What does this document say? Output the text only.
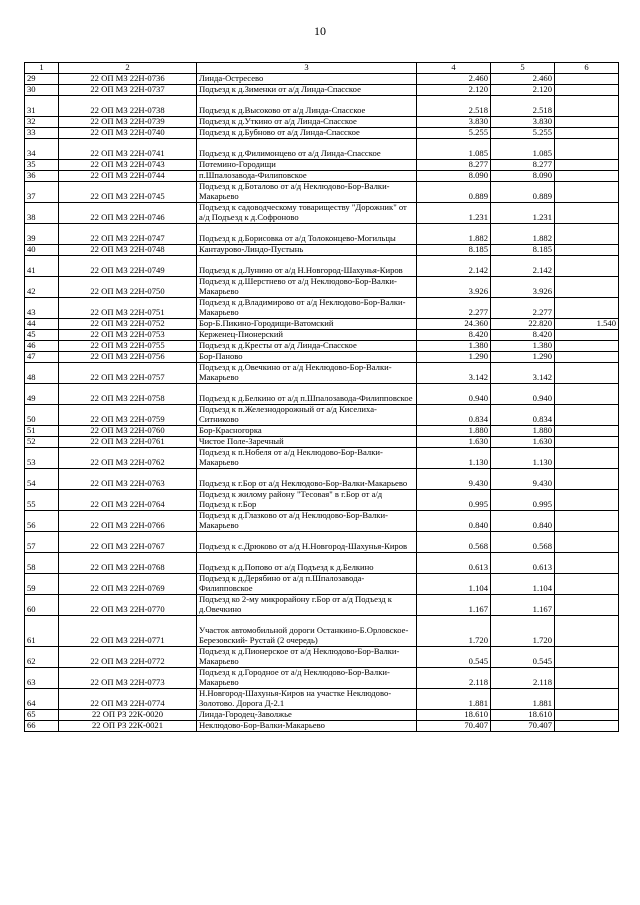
10
1	2	3	4	5	6
29	22 ОП МЗ 22Н-0736	Линда-Остресево	2.460	2.460	
30	22 ОП МЗ 22Н-0737	Подъезд к д.Зименки от а/д Линда-Спасское	2.120	2.120	
31	22 ОП МЗ 22Н-0738	Подъезд к д.Высоково от а/д Линда-Спасское	2.518	2.518	
32	22 ОП МЗ 22Н-0739	Подъезд к д.Уткино от а/д Линда-Спасское	3.830	3.830	
33	22 ОП МЗ 22Н-0740	Подъезд к д.Бубново от а/д Линда-Спасское	5.255	5.255	
34	22 ОП МЗ 22Н-0741	Подъезд к д.Филимонцево от а/д Линда-Спасское	1.085	1.085	
35	22 ОП МЗ 22Н-0743	Потемино-Городищи	8.277	8.277	
36	22 ОП МЗ 22Н-0744	п.Шпалозавода-Филиповское	8.090	8.090	
37	22 ОП МЗ 22Н-0745	Подъезд к д.Боталово от а/д Неклюдово-Бор-Валки-Макарьево	0.889	0.889	
38	22 ОП МЗ 22Н-0746	Подъезд к садоводческому товариществу "Дорожник" от а/д Подъезд к д.Софроново	1.231	1.231	
39	22 ОП МЗ 22Н-0747	Подъезд к д.Борисовка от а/д Толоконцево-Могильцы	1.882	1.882	
40	22 ОП МЗ 22Н-0748	Кантаурово-Линдо-Пустынь	8.185	8.185	
41	22 ОП МЗ 22Н-0749	Подъезд к д.Лунино от а/д Н.Новгород-Шахунья-Киров	2.142	2.142	
42	22 ОП МЗ 22Н-0750	Подъезд к д.Шерстнево от а/д Неклюдово-Бор-Валки-Макарьево	3.926	3.926	
43	22 ОП МЗ 22Н-0751	Подъезд к д.Владимирово от а/д Неклюдово-Бор-Валки-Макарьево	2.277	2.277	
44	22 ОП МЗ 22Н-0752	Бор-Б.Пикино-Городищи-Ватомский	24.360	22.820	1.540
45	22 ОП МЗ 22Н-0753	Керженец-Пионерский	8.420	8.420	
46	22 ОП МЗ 22Н-0755	Подъезд к д.Кресты от а/д Линда-Спасское	1.380	1.380	
47	22 ОП МЗ 22Н-0756	Бор-Паново	1.290	1.290	
48	22 ОП МЗ 22Н-0757	Подъезд к д.Овечкино от а/д Неклюдово-Бор-Валки-Макарьево	3.142	3.142	
49	22 ОП МЗ 22Н-0758	Подъезд к д.Белкино от а/д п.Шпалозавода-Филипповское	0.940	0.940	
50	22 ОП МЗ 22Н-0759	Подъезд к п.Железнодорожный от а/д Киселиха-Ситниково	0.834	0.834	
51	22 ОП МЗ 22Н-0760	Бор-Красногорка	1.880	1.880	
52	22 ОП МЗ 22Н-0761	Чистое Поле-Заречный	1.630	1.630	
53	22 ОП МЗ 22Н-0762	Подъезд к п.Нобеля от а/д Неклюдово-Бор-Валки-Макарьево	1.130	1.130	
54	22 ОП МЗ 22Н-0763	Подъезд к г.Бор от а/д Неклюдово-Бор-Валки-Макарьево	9.430	9.430	
55	22 ОП МЗ 22Н-0764	Подъезд к жилому району "Тесовая" в г.Бор от а/д Подъезд к г.Бор	0.995	0.995	
56	22 ОП МЗ 22Н-0766	Подъезд к д.Глазково от а/д Неклюдово-Бор-Валки-Макарьево	0.840	0.840	
57	22 ОП МЗ 22Н-0767	Подъезд к с.Дрюково от а/д Н.Новгород-Шахунья-Киров	0.568	0.568	
58	22 ОП МЗ 22Н-0768	Подъезд к д.Попово от а/д Подъезд к д.Белкино	0.613	0.613	
59	22 ОП МЗ 22Н-0769	Подъезд к д.Дерябино от а/д п.Шпалозавода-Филипповское	1.104	1.104	
60	22 ОП МЗ 22Н-0770	Подъезд ко 2-му микрорайону г.Бор от а/д Подъезд к д.Овечкино	1.167	1.167	
61	22 ОП МЗ 22Н-0771	Участок автомобильной дороги Останкино-Б.Орловское-Березовский- Рустай (2 очередь)	1.720	1.720	
62	22 ОП МЗ 22Н-0772	Подъезд к д.Пионерское от а/д Неклюдово-Бор-Валки-Макарьево	0.545	0.545	
63	22 ОП МЗ 22Н-0773	Подъезд к д.Городное от а/д Неклюдово-Бор-Валки-Макарьево	2.118	2.118	
64	22 ОП МЗ 22Н-0774	Н.Новгород-Шахунья-Киров на участке Неклюдово-Золотово. Дорога Д-2.1	1.881	1.881	
65	22 ОП РЗ 22К-0020	Линда-Городец-Заволжье	18.610	18.610	
66	22 ОП РЗ 22К-0021	Неклюдово-Бор-Валки-Макарьево	70.407	70.407	
